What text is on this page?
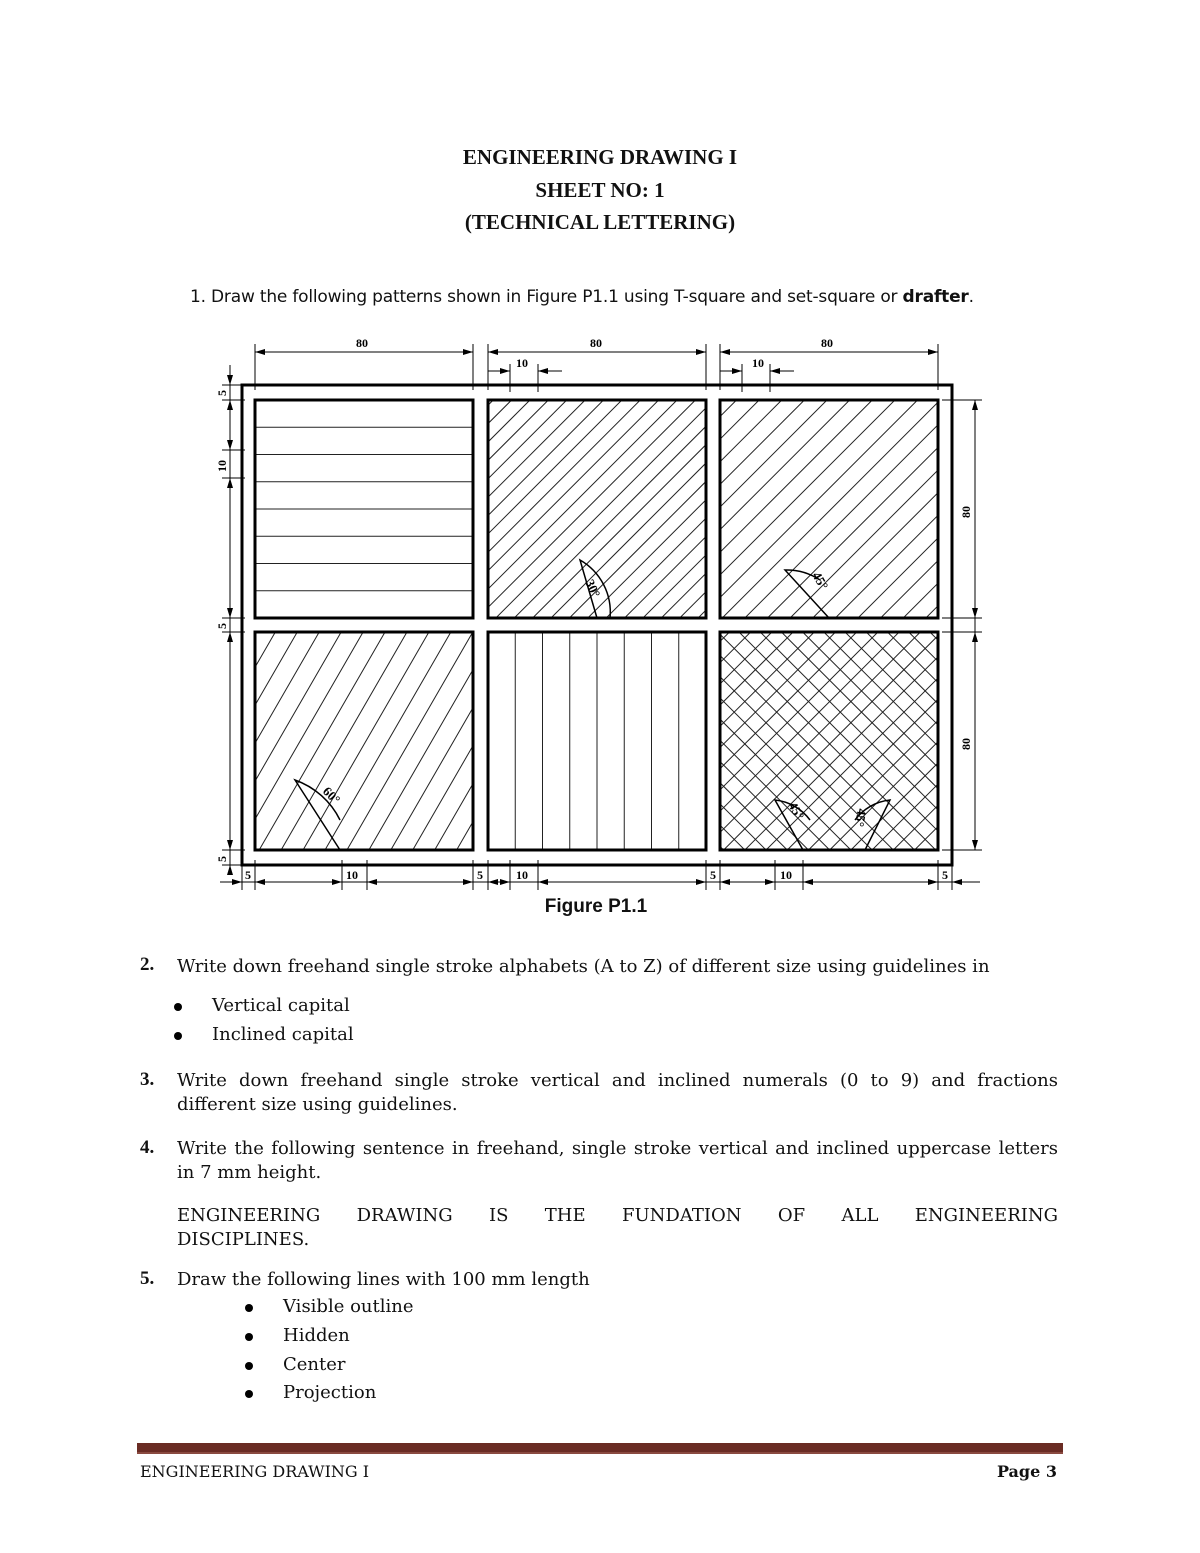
ENGINEERING DRAWING I
SHEET NO: 1
(TECHNICAL LETTERING)
1. Draw the following patterns shown in Figure P1.1 using T-square and set-square or drafter.
80	80	80
10	10
5
10
5
5
80
80
5	10	5	10	5	10	5
30°	45°
60°
45°	45°
Figure P1.1
2. Write down freehand single stroke alphabets (A to Z) of different size using guidelines in
Vertical capital
Inclined capital
3. Write down freehand single stroke vertical and inclined numerals (0 to 9) and fractions
different size using guidelines.
4. Write the following sentence in freehand, single stroke vertical and inclined uppercase letters
in 7 mm height.
ENGINEERING DRAWING IS THE FUNDATION OF ALL ENGINEERING
DISCIPLINES.
5. Draw the following lines with 100 mm length
Visible outline
Hidden
Center
Projection
ENGINEERING DRAWING I	Page 3
